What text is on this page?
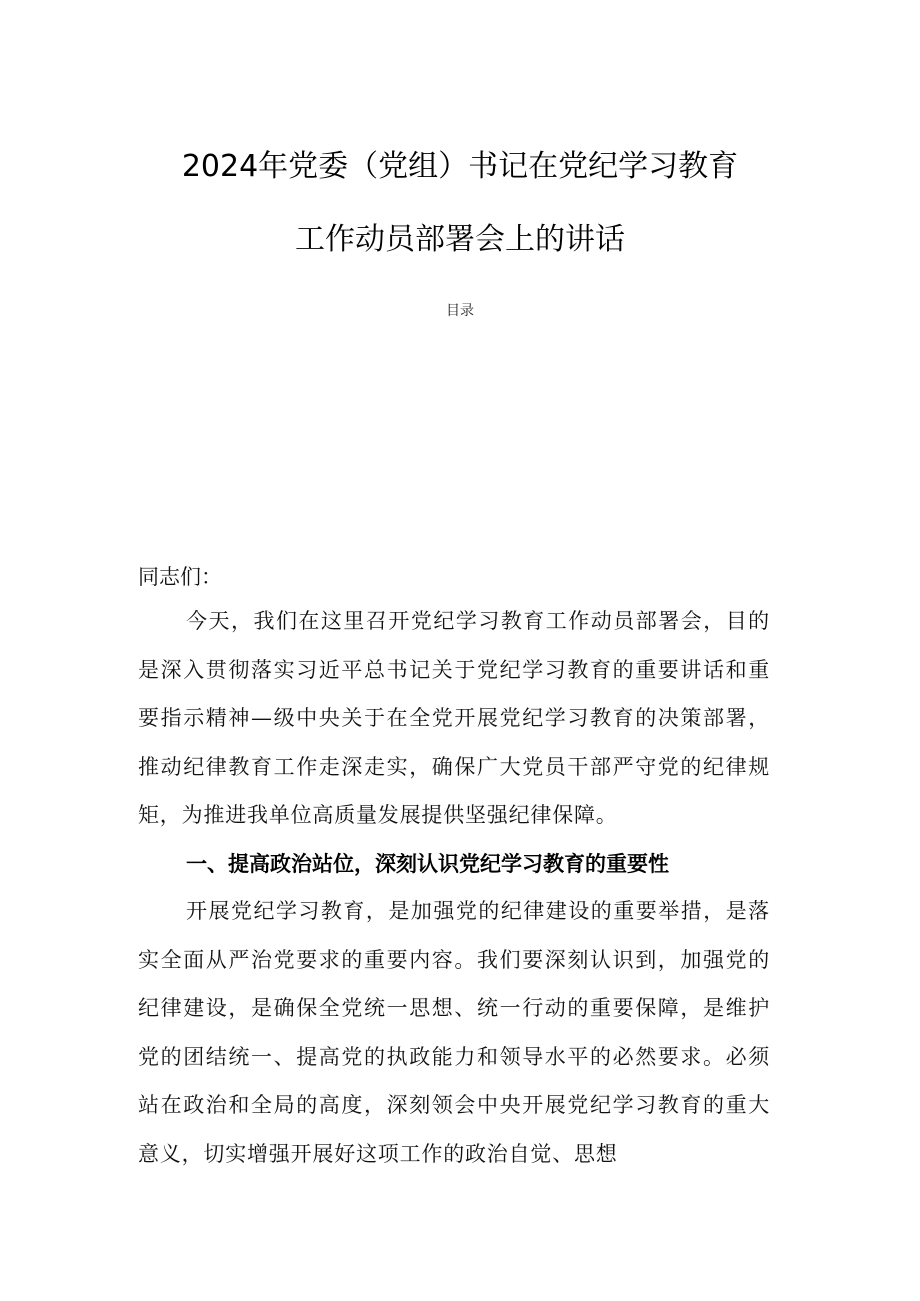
2024年党委（党组）书记在党纪学习教育
工作动员部署会上的讲话
目录
同志们：

今天，我们在这里召开党纪学习教育工作动员部署会，目的是深入贯彻落实习近平总书记关于党纪学习教育的重要讲话和重要指示精神—级中央关于在全党开展党纪学习教育的决策部署，推动纪律教育工作走深走实，确保广大党员干部严守党的纪律规矩，为推进我单位高质量发展提供坚强纪律保障。

一、提高政治站位，深刻认识党纪学习教育的重要性

开展党纪学习教育，是加强党的纪律建设的重要举措，是落实全面从严治党要求的重要内容。我们要深刻认识到，加强党的纪律建设，是确保全党统一思想、统一行动的重要保障，是维护党的团结统一、提高党的执政能力和领导水平的必然要求。必须站在政治和全局的高度，深刻领会中央开展党纪学习教育的重大意义，切实增强开展好这项工作的政治自觉、思想
